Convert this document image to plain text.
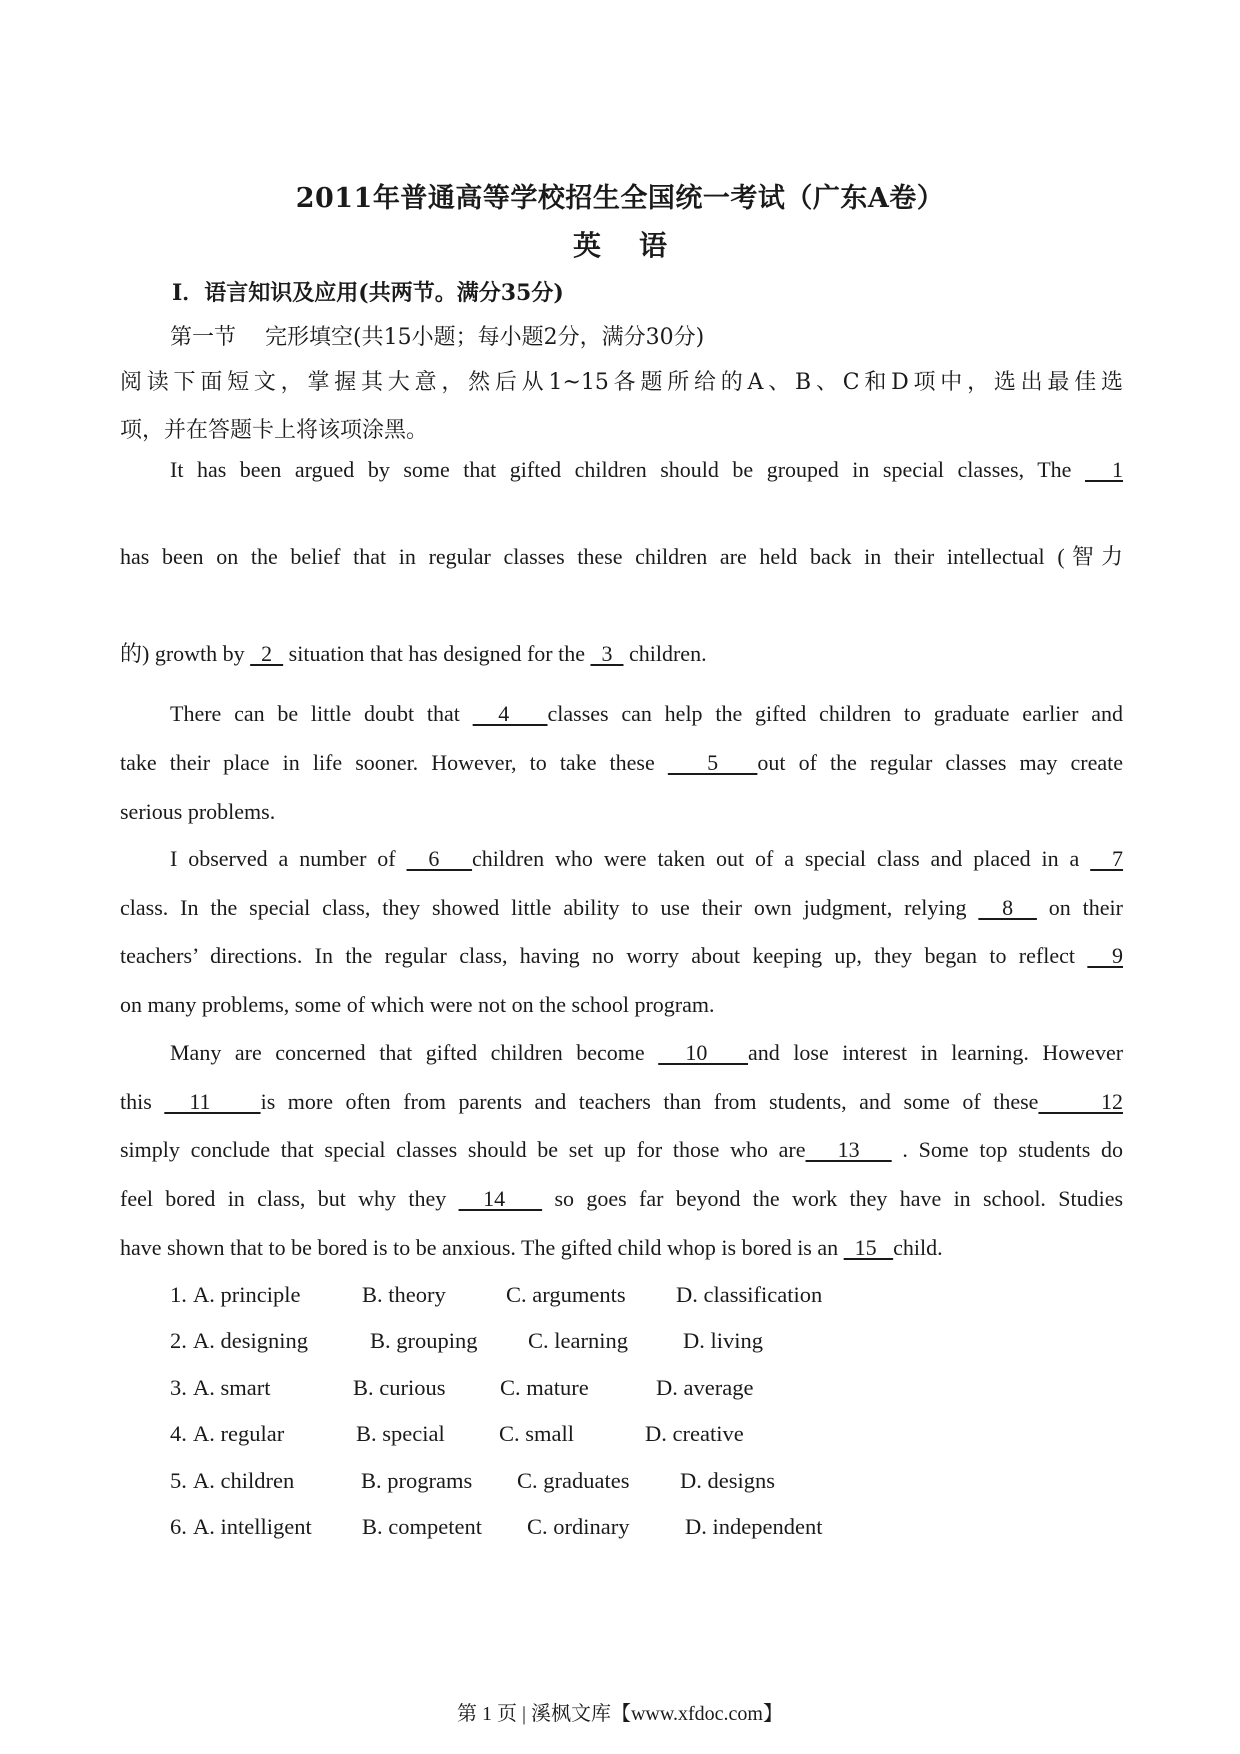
2011年普通高等学校招生全国统一考试（广东A卷）
英语
Ⅰ．语言知识及应用(共两节。满分35分)
第一节　 完形填空(共15小题；每小题2分，满分30分)
阅读下面短文，掌握其大意，然后从1~15各题所给的A、B、C和D项中，选出最佳选
项，并在答题卡上将该项涂黑。
It has been argued by some that gifted children should be grouped in special classes, The   1
has been on the belief that in regular classes these children are held back in their intellectual (智力
的) growth by   2   situation that has designed for the   3   children.
There can be little doubt that   4   classes can help the gifted children to graduate earlier and
take their place in life sooner. However, to take these    5   out of the regular classes may create
serious problems.
I observed a number of   6   children who were taken out of a special class and placed in a   7
class. In the special class, they showed little ability to use their own judgment, relying   8   on their
teachers’ directions. In the regular class, having no worry about keeping up, they began to reflect   9
on many problems, some of which were not on the school program.
Many are concerned that gifted children become   10   and lose interest in learning. However
this   11    is more often from parents and teachers than from students, and some of these     12
simply conclude that special classes should be set up for those who are   13    . Some top students do
feel bored in class, but why they   14    so goes far beyond the work they have in school. Studies
have shown that to be bored is to be anxious. The gifted child whop is bored is an   15   child.
1. A. principle	B. theory	C. arguments D. classification
2. A. designing	B. grouping C. learning D. living
3. A. smart	B. curious C. mature	D. average
4. A. regular	B. special C. small	D. creative
5. A. children	B. programs C. graduates D. designs
6. A. intelligent B. competent C. ordinary D. independent
第 1 页 | 溪枫文库【www.xfdoc.com】
